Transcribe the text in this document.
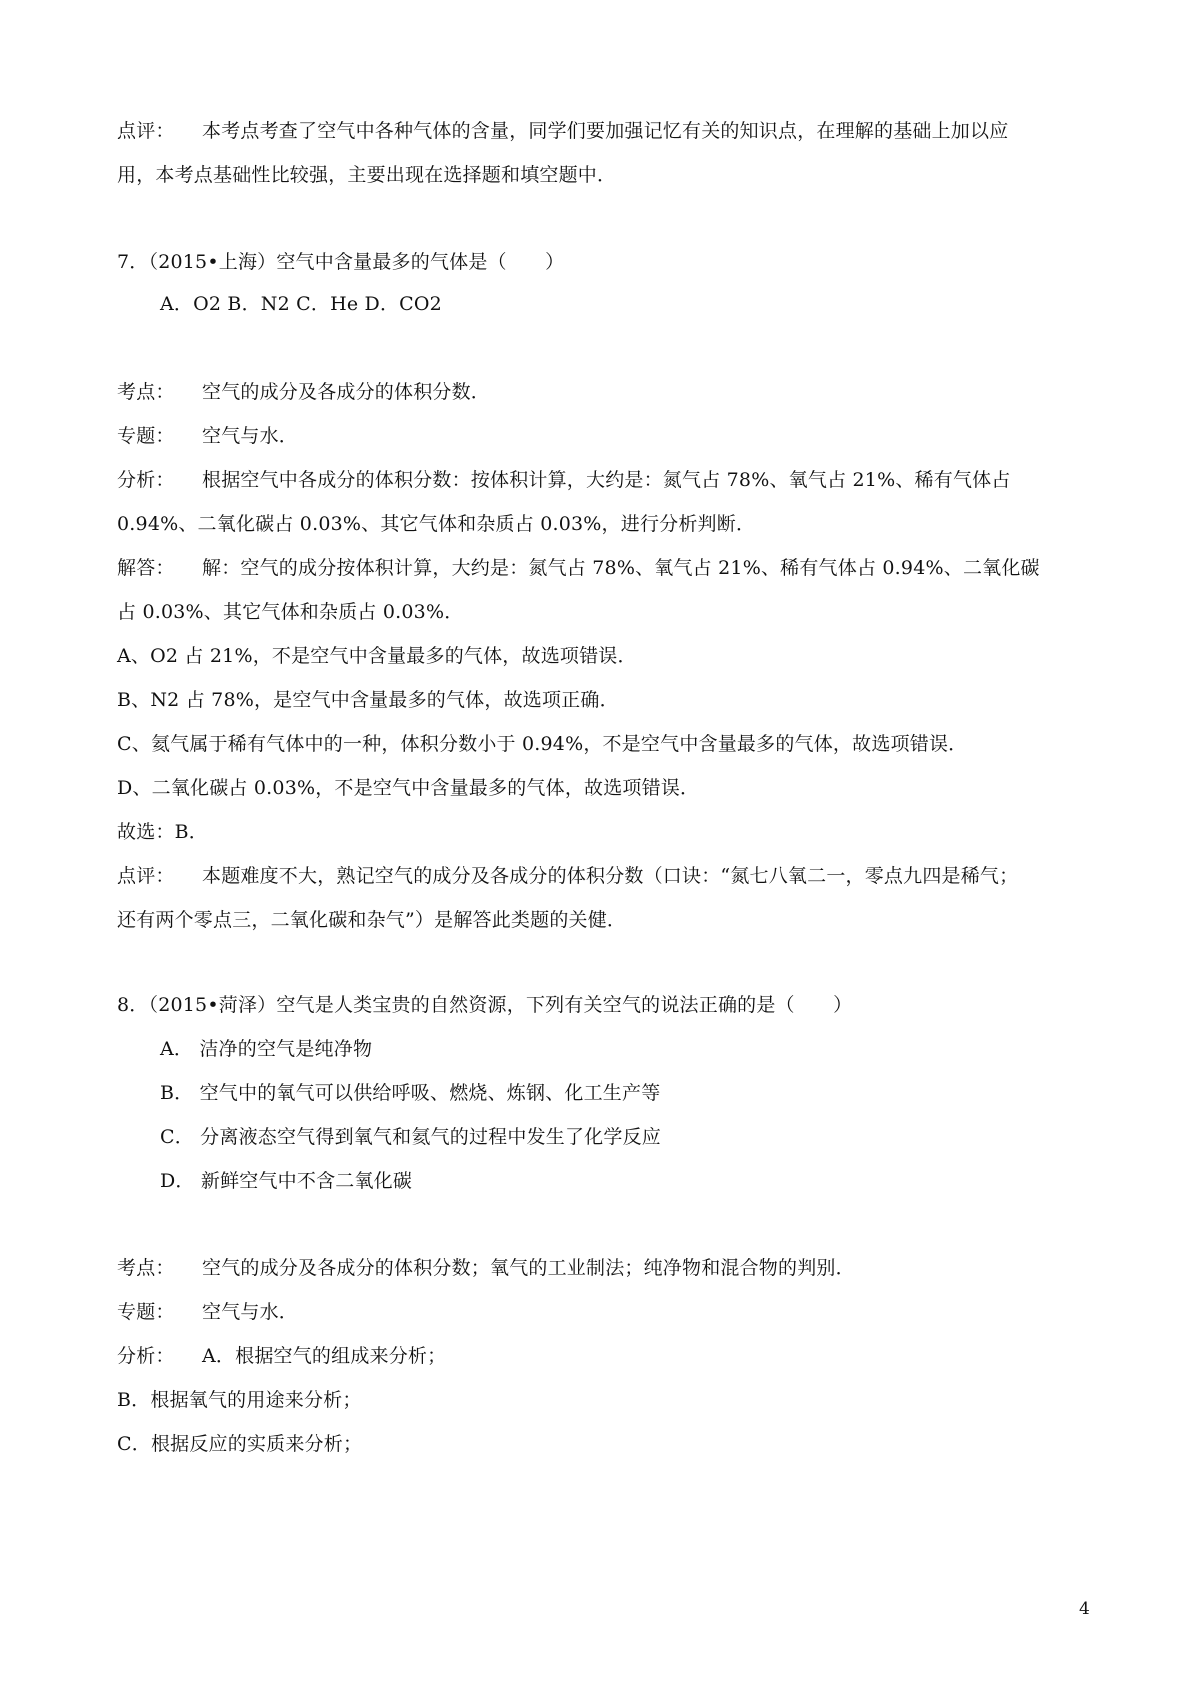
点评： 本考点考查了空气中各种气体的含量，同学们要加强记忆有关的知识点，在理解的基础上加以应
用，本考点基础性比较强，主要出现在选择题和填空题中．
7．（2015•上海）空气中含量最多的气体是（　　）
A．O2 B．N2 C．He D．CO2
考点： 空气的成分及各成分的体积分数．
专题： 空气与水．
分析： 根据空气中各成分的体积分数：按体积计算，大约是：氮气占 78%、氧气占 21%、稀有气体占
0.94%、二氧化碳占 0.03%、其它气体和杂质占 0.03%，进行分析判断．
解答： 解：空气的成分按体积计算，大约是：氮气占 78%、氧气占 21%、稀有气体占 0.94%、二氧化碳
占 0.03%、其它气体和杂质占 0.03%．
A、O2 占 21%，不是空气中含量最多的气体，故选项错误．
B、N2 占 78%，是空气中含量最多的气体，故选项正确．
C、氦气属于稀有气体中的一种，体积分数小于 0.94%，不是空气中含量最多的气体，故选项错误．
D、二氧化碳占 0.03%，不是空气中含量最多的气体，故选项错误．
故选：B．
点评： 本题难度不大，熟记空气的成分及各成分的体积分数（口诀：“氮七八氧二一，零点九四是稀气；
还有两个零点三，二氧化碳和杂气”）是解答此类题的关健．
8．（2015•菏泽）空气是人类宝贵的自然资源，下列有关空气的说法正确的是（　　）
A． 洁净的空气是纯净物
B． 空气中的氧气可以供给呼吸、燃烧、炼钢、化工生产等
C． 分离液态空气得到氧气和氦气的过程中发生了化学反应
D． 新鲜空气中不含二氧化碳
考点： 空气的成分及各成分的体积分数；氧气的工业制法；纯净物和混合物的判别．
专题： 空气与水．
分析： A．根据空气的组成来分析；
B．根据氧气的用途来分析；
C．根据反应的实质来分析；
4
